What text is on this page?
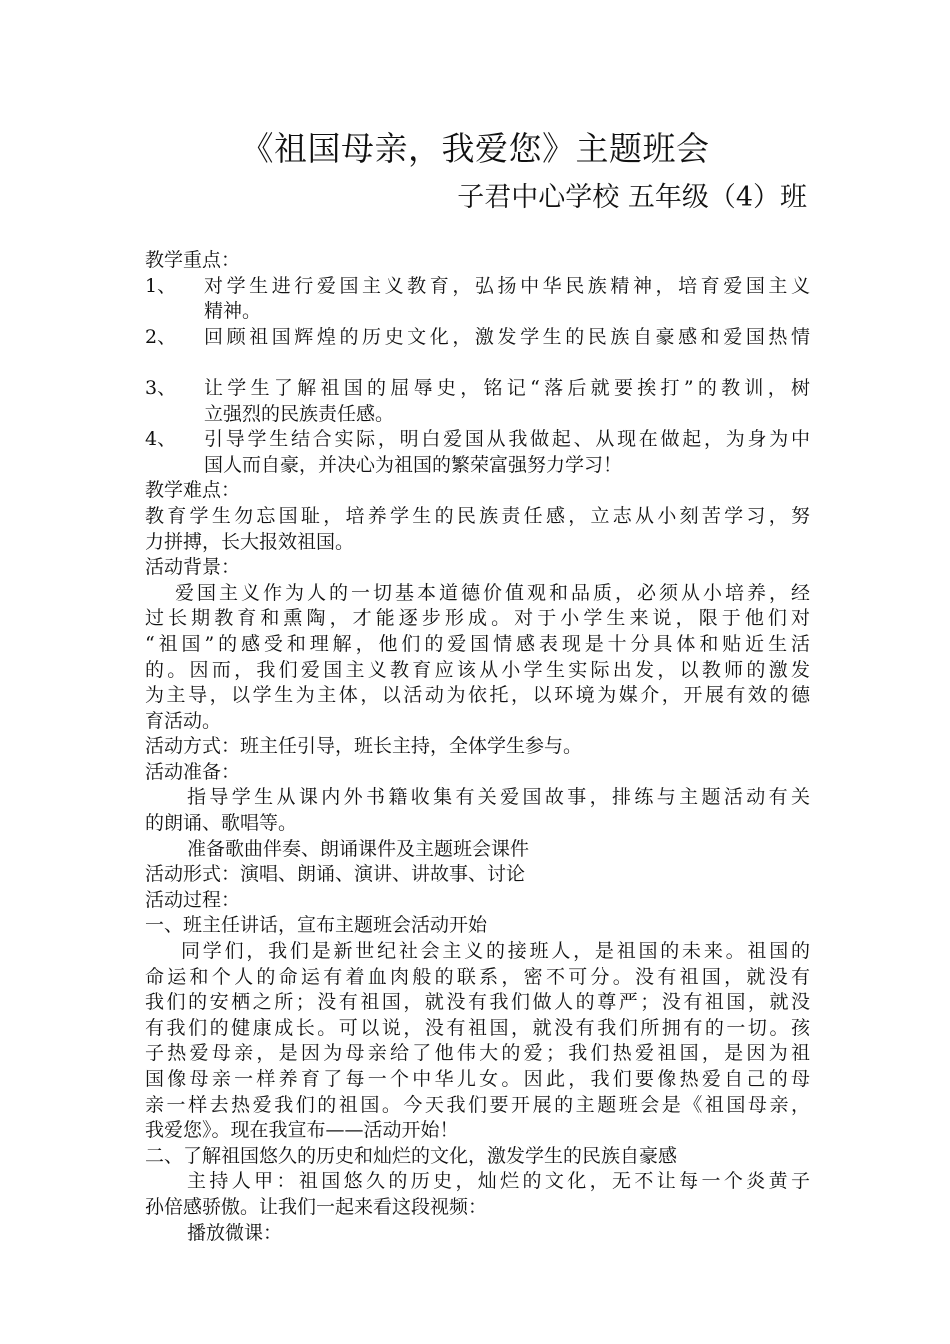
《祖国母亲，我爱您》主题班会
子君中心学校 五年级（4）班
教学重点：
1、 对学生进行爱国主义教育，弘扬中华民族精神，培育爱国主义
精神。
2、 回顾祖国辉煌的历史文化，激发学生的民族自豪感和爱国热情
3、 让学生了解祖国的屈辱史，铭记“落后就要挨打”的教训，树
立强烈的民族责任感。
4、 引导学生结合实际，明白爱国从我做起、从现在做起，为身为中
国人而自豪，并决心为祖国的繁荣富强努力学习！
教学难点：
教育学生勿忘国耻，培养学生的民族责任感，立志从小刻苦学习，努
力拼搏，长大报效祖国。
活动背景：
爱国主义作为人的一切基本道德价值观和品质，必须从小培养，经
过长期教育和熏陶，才能逐步形成。对于小学生来说，限于他们对
“祖国”的感受和理解，他们的爱国情感表现是十分具体和贴近生活
的。因而，我们爱国主义教育应该从小学生实际出发，以教师的激发
为主导，以学生为主体，以活动为依托，以环境为媒介，开展有效的德
育活动。
活动方式：班主任引导，班长主持，全体学生参与。
活动准备：
指导学生从课内外书籍收集有关爱国故事，排练与主题活动有关
的朗诵、歌唱等。
准备歌曲伴奏、朗诵课件及主题班会课件
活动形式：演唱、朗诵、演讲、讲故事、讨论
活动过程：
一、班主任讲话，宣布主题班会活动开始
同学们，我们是新世纪社会主义的接班人，是祖国的未来。祖国的
命运和个人的命运有着血肉般的联系，密不可分。没有祖国，就没有
我们的安栖之所；没有祖国，就没有我们做人的尊严；没有祖国，就没
有我们的健康成长。可以说，没有祖国，就没有我们所拥有的一切。孩
子热爱母亲，是因为母亲给了他伟大的爱；我们热爱祖国，是因为祖
国像母亲一样养育了每一个中华儿女。因此，我们要像热爱自己的母
亲一样去热爱我们的祖国。今天我们要开展的主题班会是《祖国母亲，
我爱您》。现在我宣布——活动开始！
二、了解祖国悠久的历史和灿烂的文化，激发学生的民族自豪感
主持人甲：祖国悠久的历史，灿烂的文化，无不让每一个炎黄子
孙倍感骄傲。让我们一起来看这段视频：
播放微课：
